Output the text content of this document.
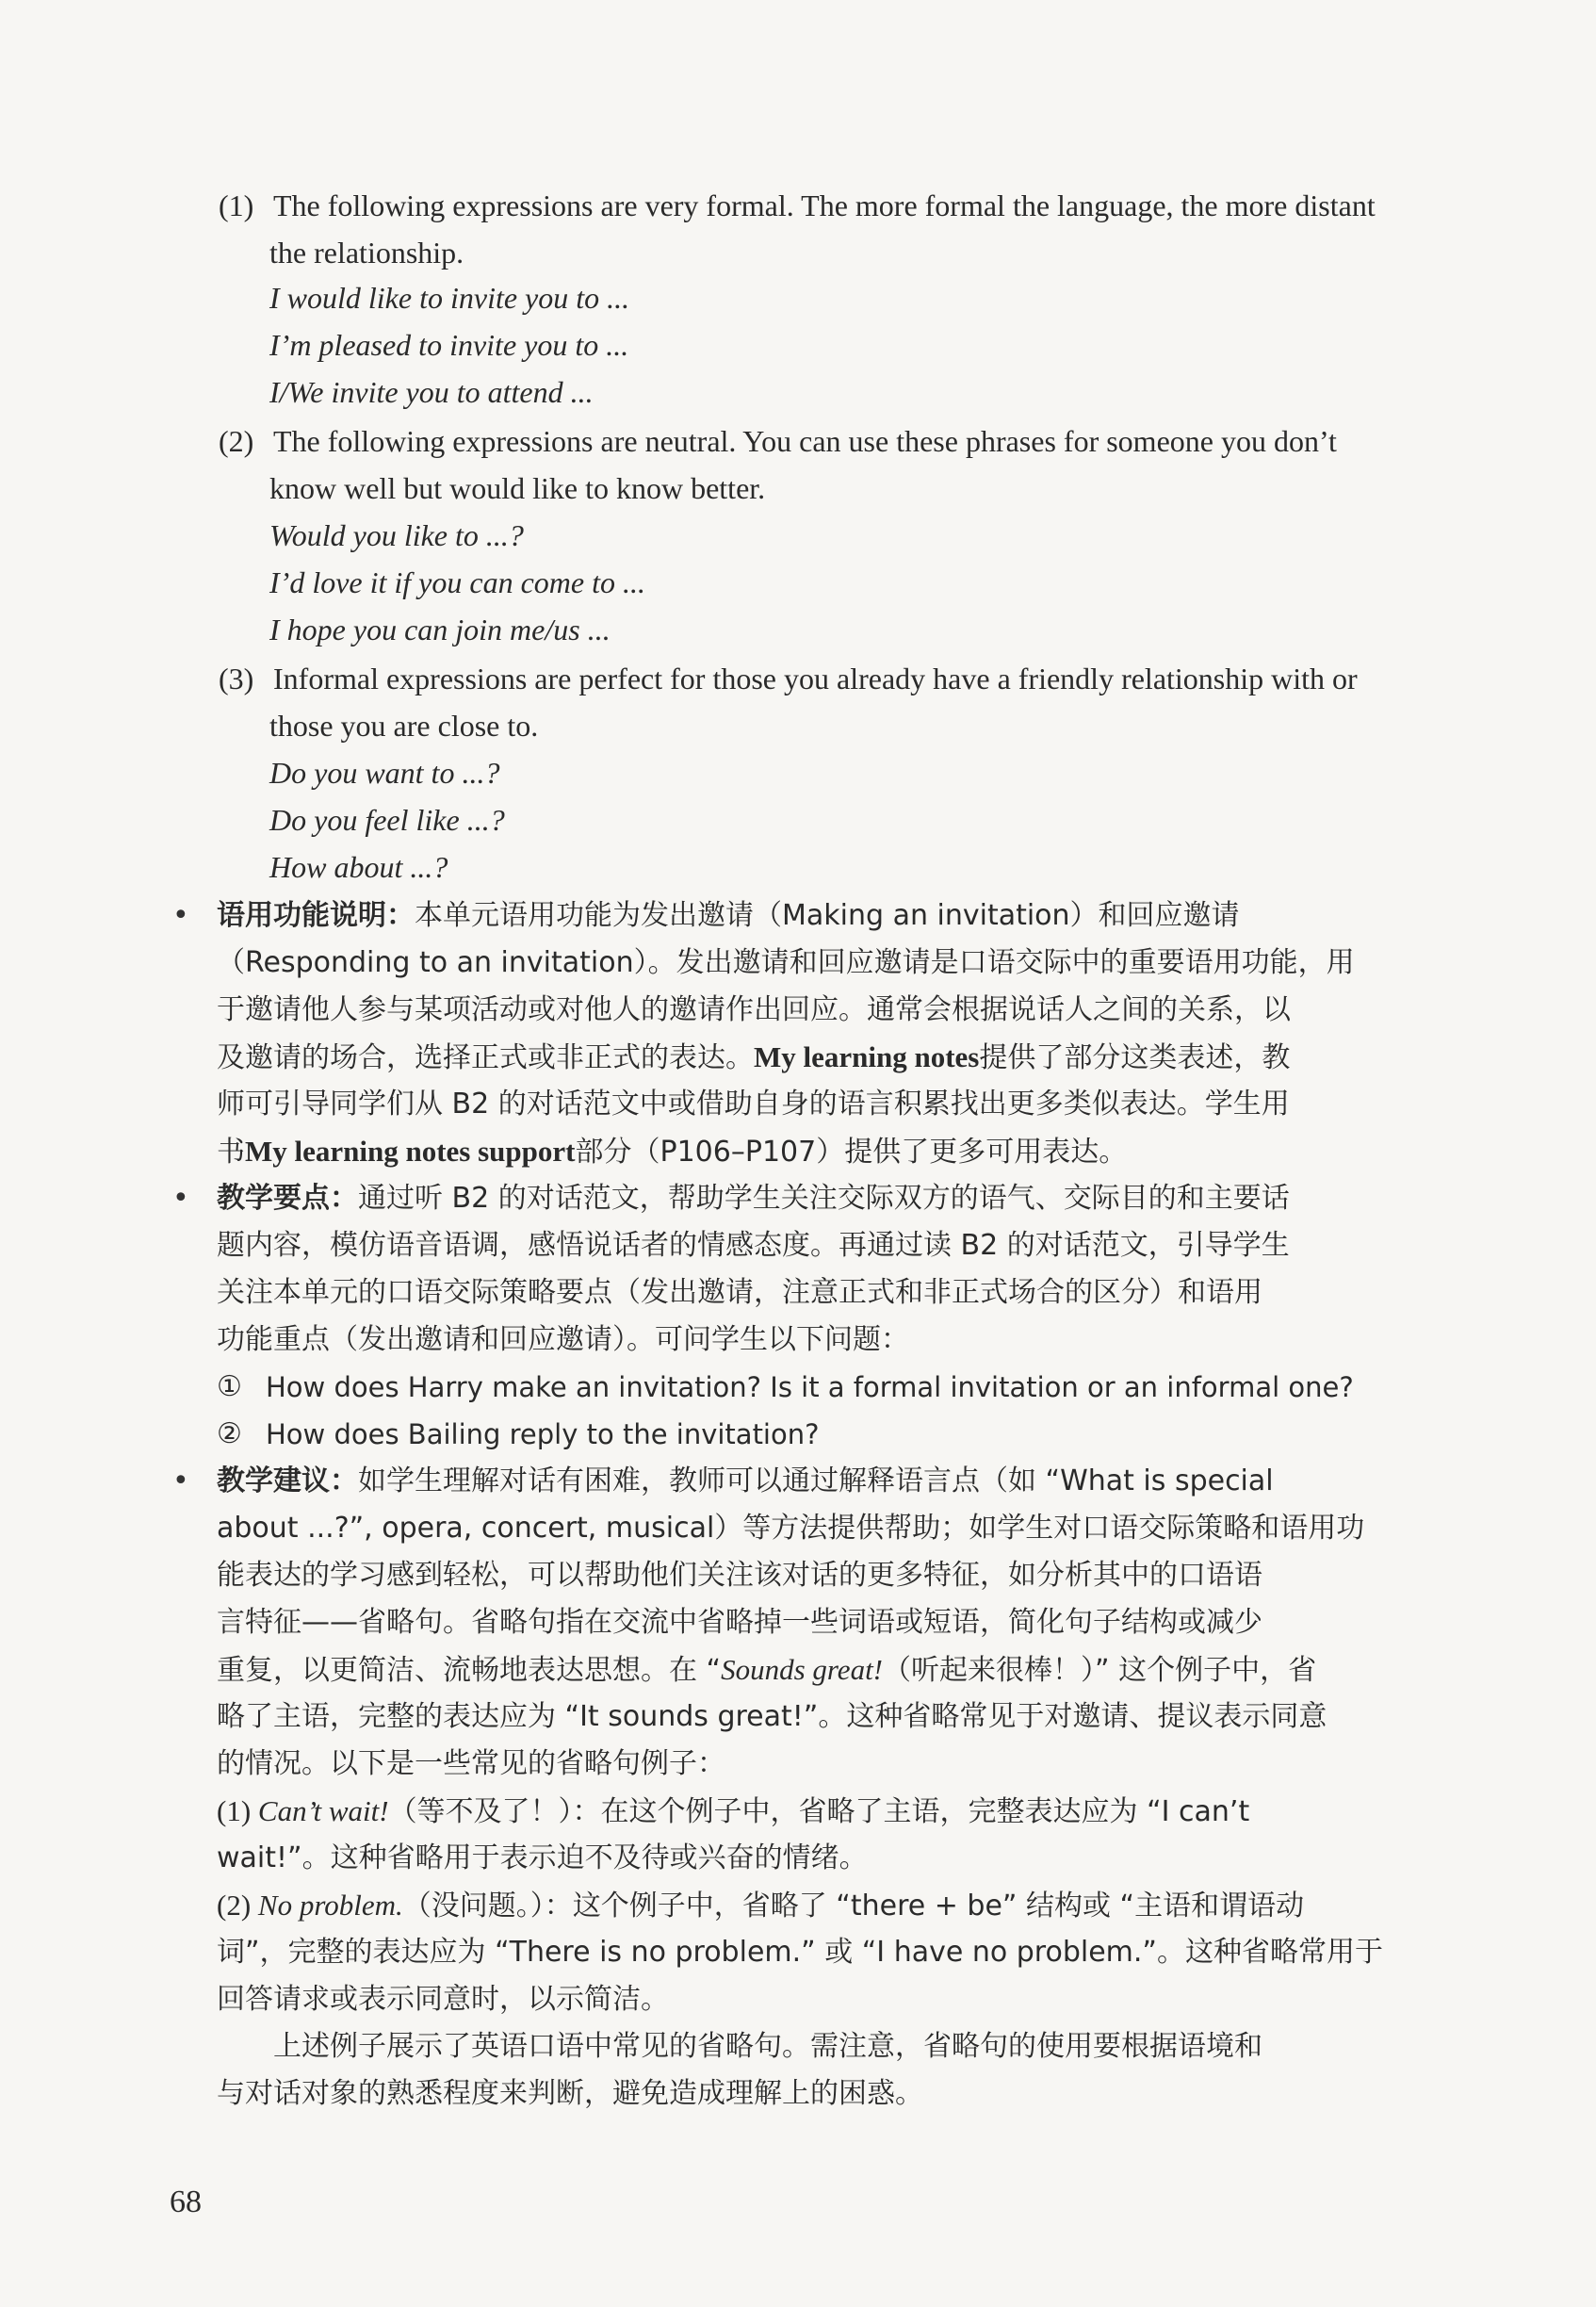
(1) The following expressions are very formal. The more formal the language, the more distant
the relationship.
I would like to invite you to ...
I’m pleased to invite you to ...
I/We invite you to attend ...
(2) The following expressions are neutral. You can use these phrases for someone you don’t
know well but would like to know better.
Would you like to ...?
I’d love it if you can come to ...
I hope you can join me/us ...
(3) Informal expressions are perfect for those you already have a friendly relationship with or
those you are close to.
Do you want to ...?
Do you feel like ...?
How about ...?
• 语用功能说明：本单元语用功能为发出邀请（Making an invitation）和回应邀请
（Responding to an invitation）。发出邀请和回应邀请是口语交际中的重要语用功能，用
于邀请他人参与某项活动或对他人的邀请作出回应。通常会根据说话人之间的关系，以
及邀请的场合，选择正式或非正式的表达。My learning notes提供了部分这类表述，教
师可引导同学们从 B2 的对话范文中或借助自身的语言积累找出更多类似表达。学生用
书My learning notes support部分（P106–P107）提供了更多可用表达。
• 教学要点：通过听 B2 的对话范文，帮助学生关注交际双方的语气、交际目的和主要话
题内容，模仿语音语调，感悟说话者的情感态度。再通过读 B2 的对话范文，引导学生
关注本单元的口语交际策略要点（发出邀请，注意正式和非正式场合的区分）和语用
功能重点（发出邀请和回应邀请）。可问学生以下问题：
① How does Harry make an invitation? Is it a formal invitation or an informal one?
② How does Bailing reply to the invitation?
• 教学建议：如学生理解对话有困难，教师可以通过解释语言点（如 “What is special
about ...?”, opera, concert, musical）等方法提供帮助；如学生对口语交际策略和语用功
能表达的学习感到轻松，可以帮助他们关注该对话的更多特征，如分析其中的口语语
言特征——省略句。省略句指在交流中省略掉一些词语或短语，简化句子结构或减少
重复，以更简洁、流畅地表达思想。在 “Sounds great!（听起来很棒！）” 这个例子中，省
略了主语，完整的表达应为 “It sounds great!”。这种省略常见于对邀请、提议表示同意
的情况。以下是一些常见的省略句例子：
(1) Can’t wait!（等不及了！）：在这个例子中，省略了主语，完整表达应为 “I can’t
wait!”。这种省略用于表示迫不及待或兴奋的情绪。
(2) No problem.（没问题。）：这个例子中，省略了 “there + be” 结构或 “主语和谓语动
词”，完整的表达应为 “There is no problem.” 或 “I have no problem.”。这种省略常用于
回答请求或表示同意时，以示简洁。
上述例子展示了英语口语中常见的省略句。需注意，省略句的使用要根据语境和
与对话对象的熟悉程度来判断，避免造成理解上的困惑。
68
